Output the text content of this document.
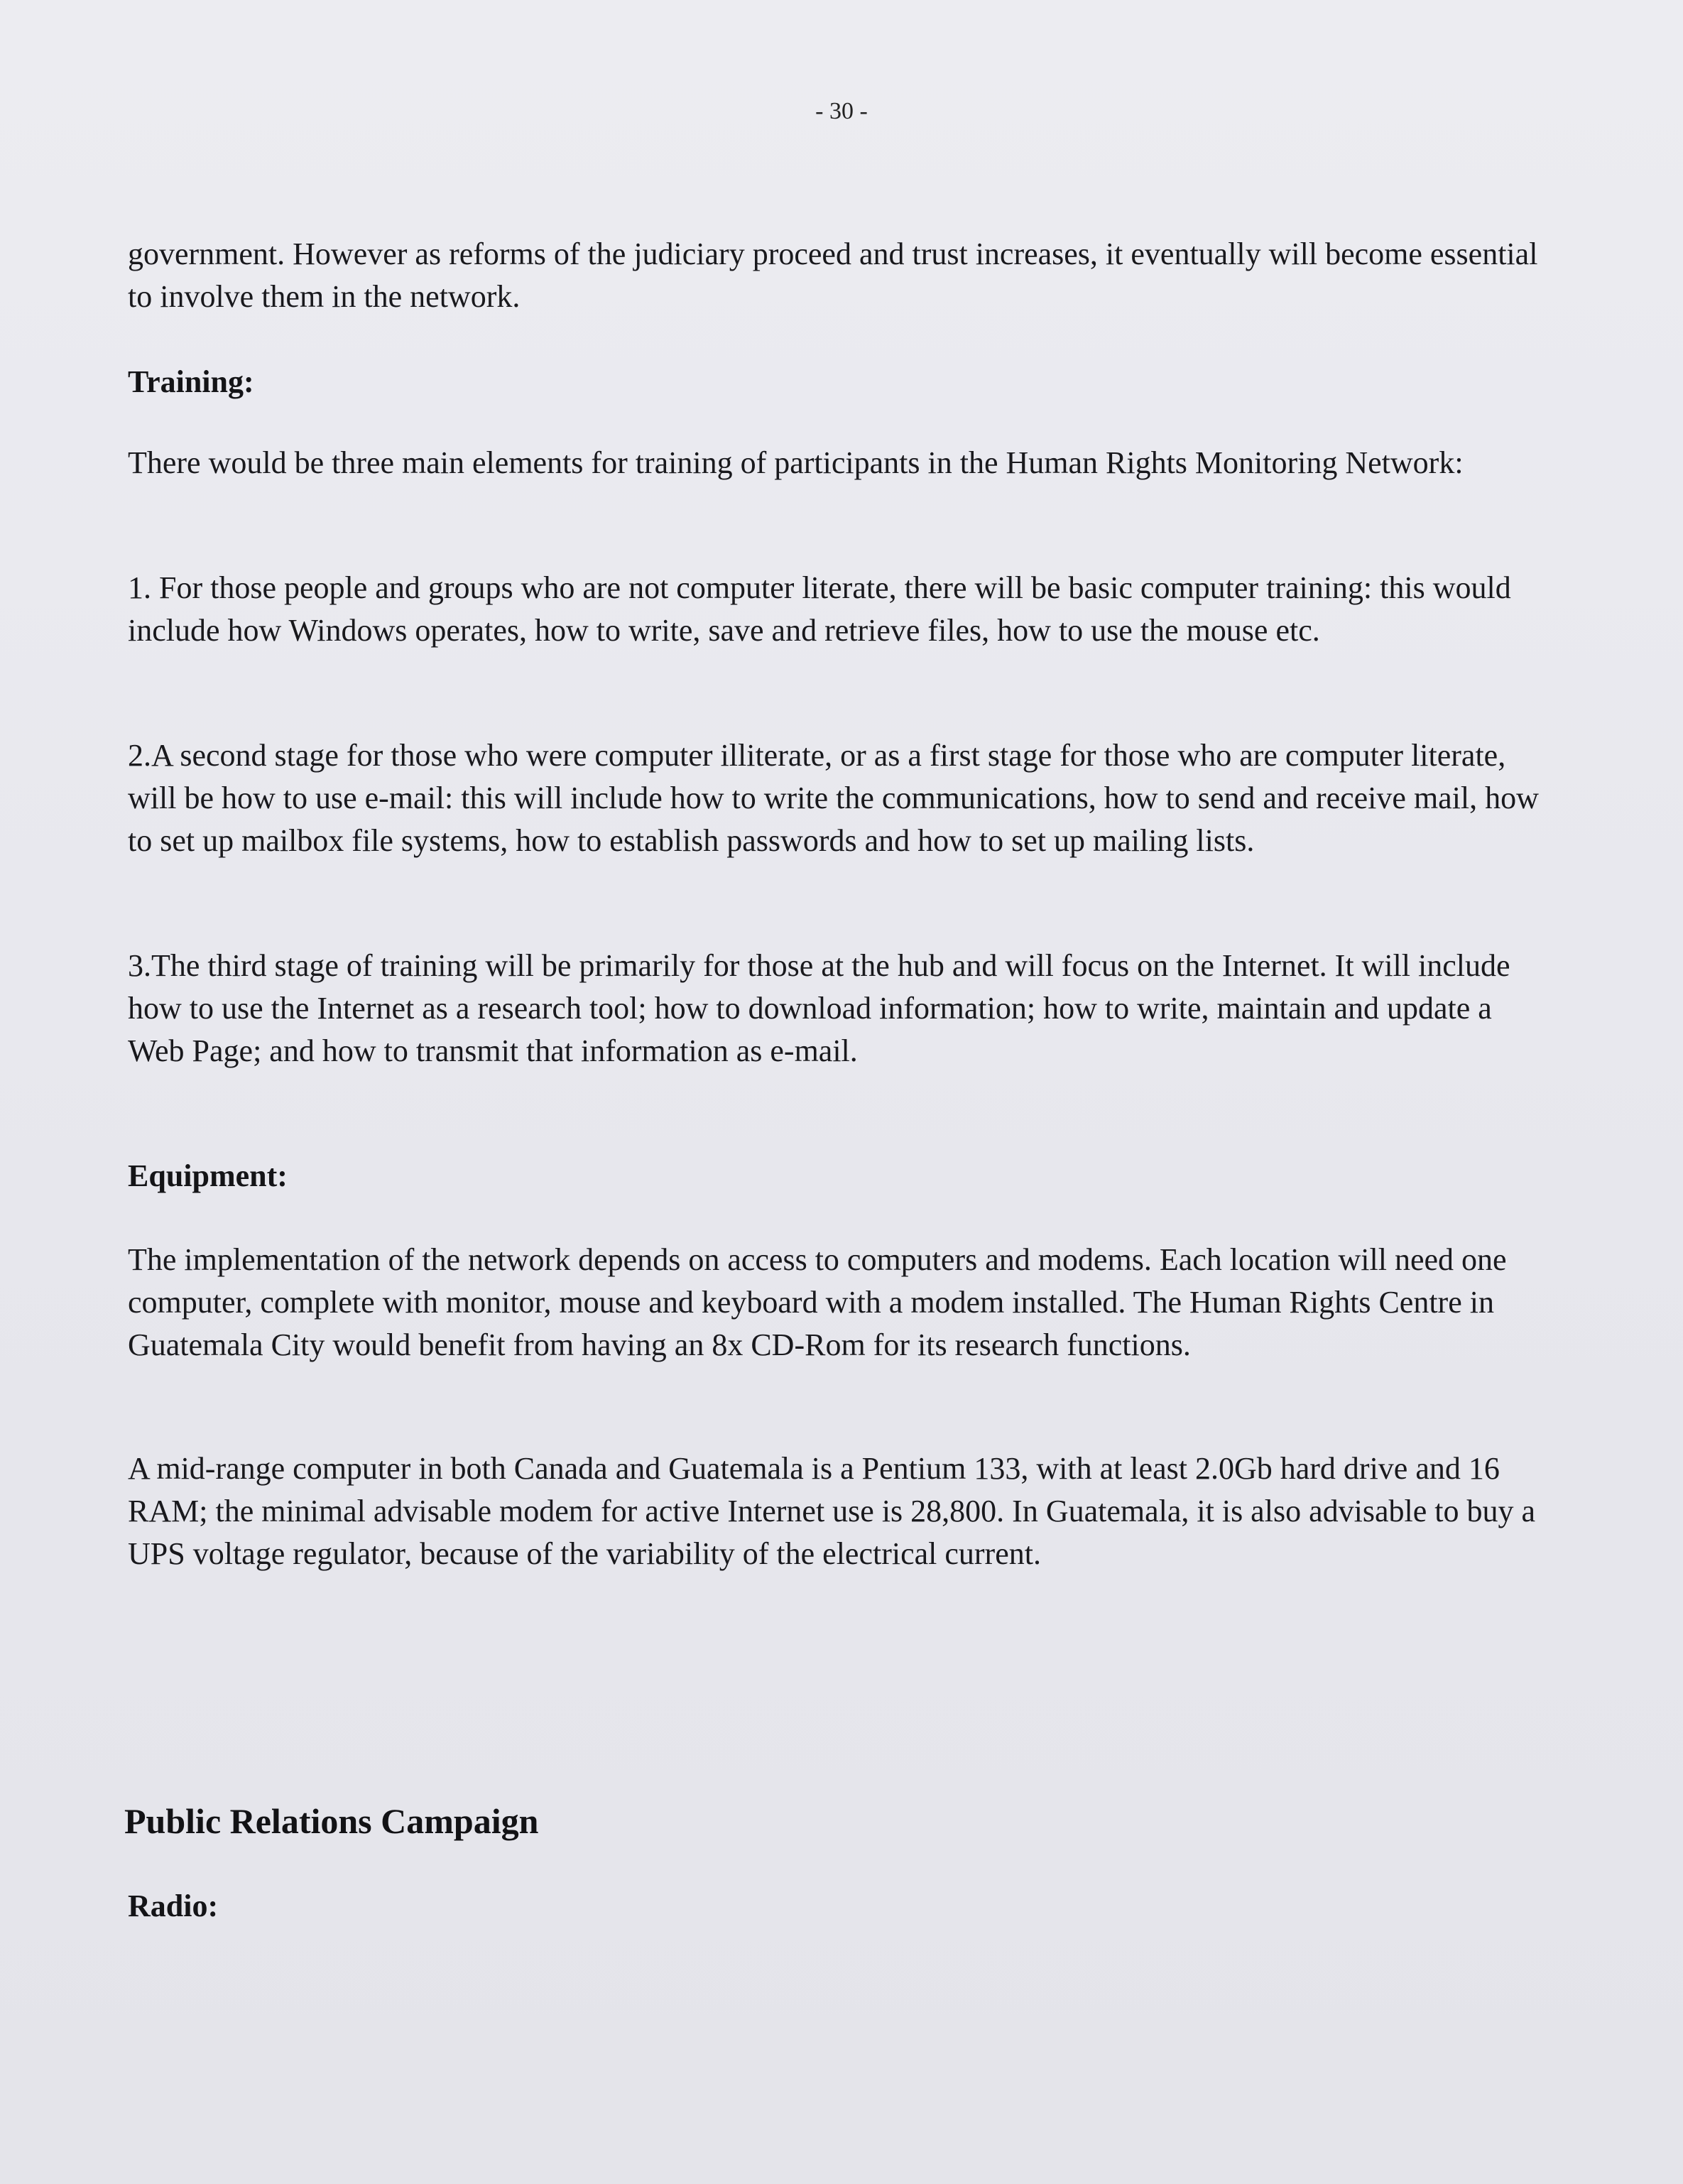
- 30 -

government. However as reforms of the judiciary proceed and trust increases, it eventually will become essential to involve them in the network.

Training:

There would be three main elements for training of participants in the Human Rights Monitoring Network:

1. For those people and groups who are not computer literate, there will be basic computer training: this would include how Windows operates, how to write, save and retrieve files, how to use the mouse etc.

2.A second stage for those who were computer illiterate, or as a first stage for those who are computer literate, will be how to use e-mail: this will include how to write the communications, how to send and receive mail, how to set up mailbox file systems, how to establish passwords and how to set up mailing lists.

3.The third stage of training will be primarily for those at the hub and will focus on the Internet. It will include how to use the Internet as a research tool; how to download information; how to write, maintain and update a Web Page; and how to transmit that information as e-mail.

Equipment:

The implementation of the network depends on access to computers and modems. Each location will need one computer, complete with monitor, mouse and keyboard with a modem installed. The Human Rights Centre in Guatemala City would benefit from having an 8x CD-Rom for its research functions.

A mid-range computer in both Canada and Guatemala is a Pentium 133, with at least 2.0Gb hard drive and 16 RAM; the minimal advisable modem for active Internet use is 28,800. In Guatemala, it is also advisable to buy a UPS voltage regulator, because of the variability of the electrical current.

Public Relations Campaign
Radio:
